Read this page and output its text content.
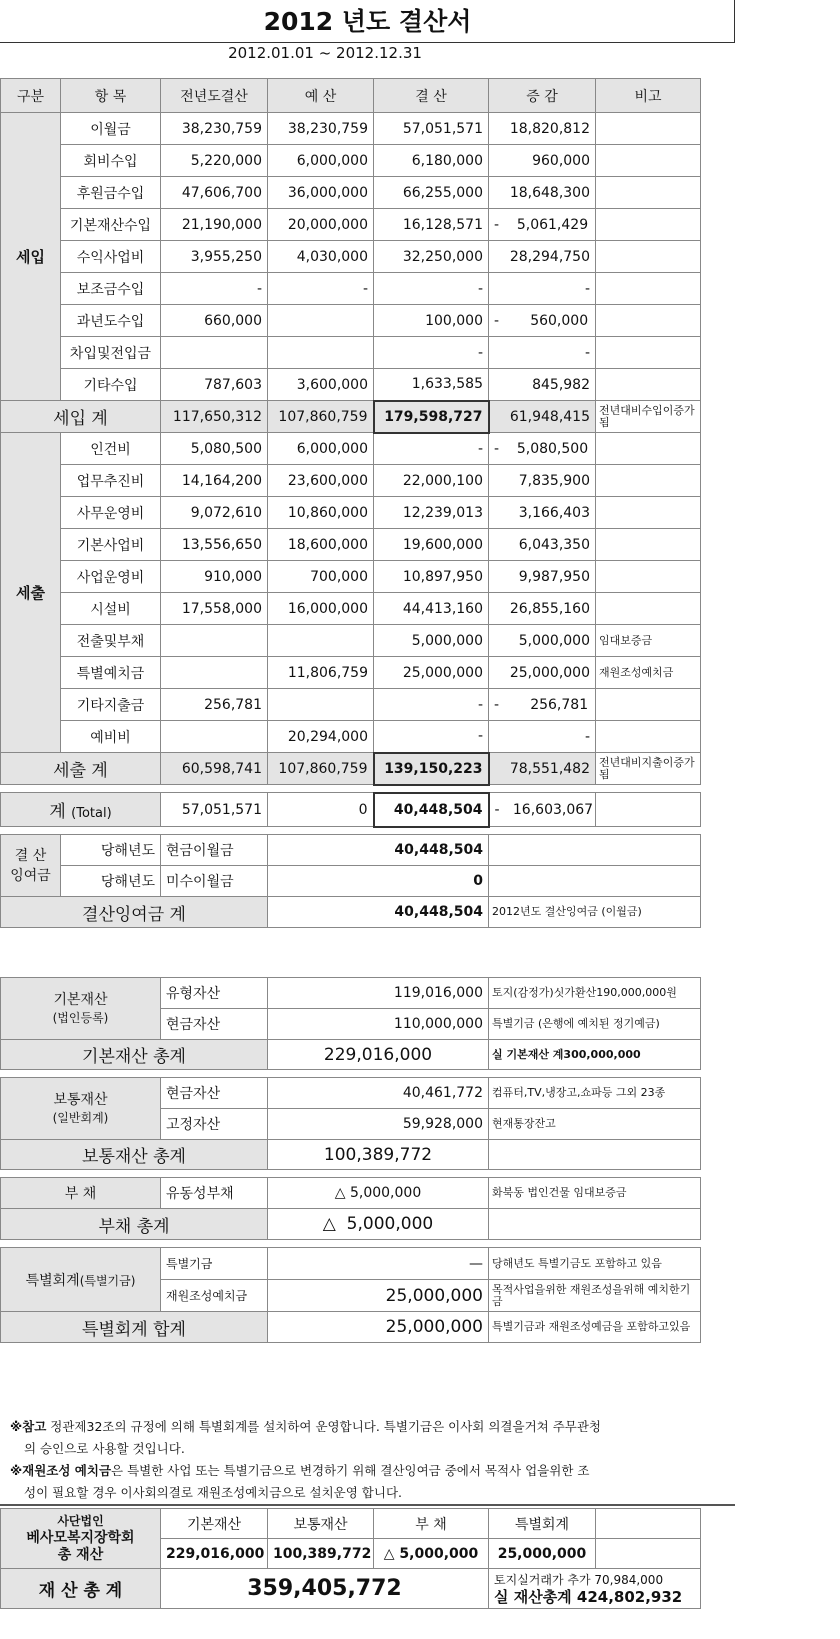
2012 년도 결산서
2012.01.01 ~ 2012.12.31
구분	항 목	전년도결산	예 산	결 산	증 감	비고
세입	이월금	38,230,759	38,230,759	57,051,571	18,820,812	
	회비수입	5,220,000	6,000,000	6,180,000	960,000	
	후원금수입	47,606,700	36,000,000	66,255,000	18,648,300	
	기본재산수입	21,190,000	20,000,000	16,128,571	-    5,061,429	
	수익사업비	3,955,250	4,030,000	32,250,000	28,294,750	
	보조금수입	-	-	-	-	
	과년도수입	660,000		100,000	-       560,000	
	차입및전입금			-	-	
	기타수입	787,603	3,600,000	1,633,585	845,982	
세입 계		117,650,312	107,860,759	179,598,727	61,948,415	전년대비수입이증가됨
세출	인건비	5,080,500	6,000,000	-	-    5,080,500	
	업무추진비	14,164,200	23,600,000	22,000,100	7,835,900	
	사무운영비	9,072,610	10,860,000	12,239,013	3,166,403	
	기본사업비	13,556,650	18,600,000	19,600,000	6,043,350	
	사업운영비	910,000	700,000	10,897,950	9,987,950	
	시설비	17,558,000	16,000,000	44,413,160	26,855,160	
	전출및부채			5,000,000	5,000,000	임대보증금
	특별예치금		11,806,759	25,000,000	25,000,000	재원조성예치금
	기타지출금	256,781		-	-       256,781	
	예비비		20,294,000	-	-	
세출 계		60,598,741	107,860,759	139,150,223	78,551,482	전년대비지출이증가됨

계 (Total)		57,051,571	0	40,448,504	-   16,603,067	

결 산
잉여금	당해년도	현금이월금	40,448,504			
	당해년도	미수이월금	0			
결산잉여금 계			40,448,504		2012년도 결산잉여금 (이월금)	
기본재산
(법인등록)	유형자산	119,016,000	토지(감정가)싯가환산190,000,000원
	현금자산	110,000,000	특별기금 (은행에 예치된 정기예금)
기본재산 총계		229,016,000	실 기본재산 계300,000,000

보통재산
(일반회계)	현금자산	40,461,772	컴퓨터,TV,냉장고,쇼파등 그외 23종
	고정자산	59,928,000	현재통장잔고
보통재산 총계		100,389,772	

부 채	유동성부채	△ 5,000,000	화북동 법인건물 임대보증금
부채 총계		△  5,000,000	

특별회계(특별기금)	특별기금	—	당해년도 특별기금도 포함하고 있음
	재원조성예치금	25,000,000	목적사업을위한 재원조성을위해 예치한기금
특별회계 합계		25,000,000	특별기금과 재원조성예금을 포함하고있음

※참고 정관제32조의 규정에 의해 특별회계를 설치하여 운영합니다. 특별기금은 이사회 의결을거쳐 주무관청

의 승인으로 사용할 것입니다.

※재원조성 예치금은 특별한 사업 또는 특별기금으로 변경하기 위해 결산잉여금 중에서 목적사 업을위한 조

성이 필요할 경우 이사회의결로 재원조성예치금으로 설치운영 합니다.

사단법인
베사모복지장학회
총 재산	기본재산	보통재산	부 채	특별회계	
	229,016,000	100,389,772	△ 5,000,000	25,000,000	
재 산 총 계	359,405,772			토지실거래가 추가 70,984,000
실 재산총계 424,802,932	
